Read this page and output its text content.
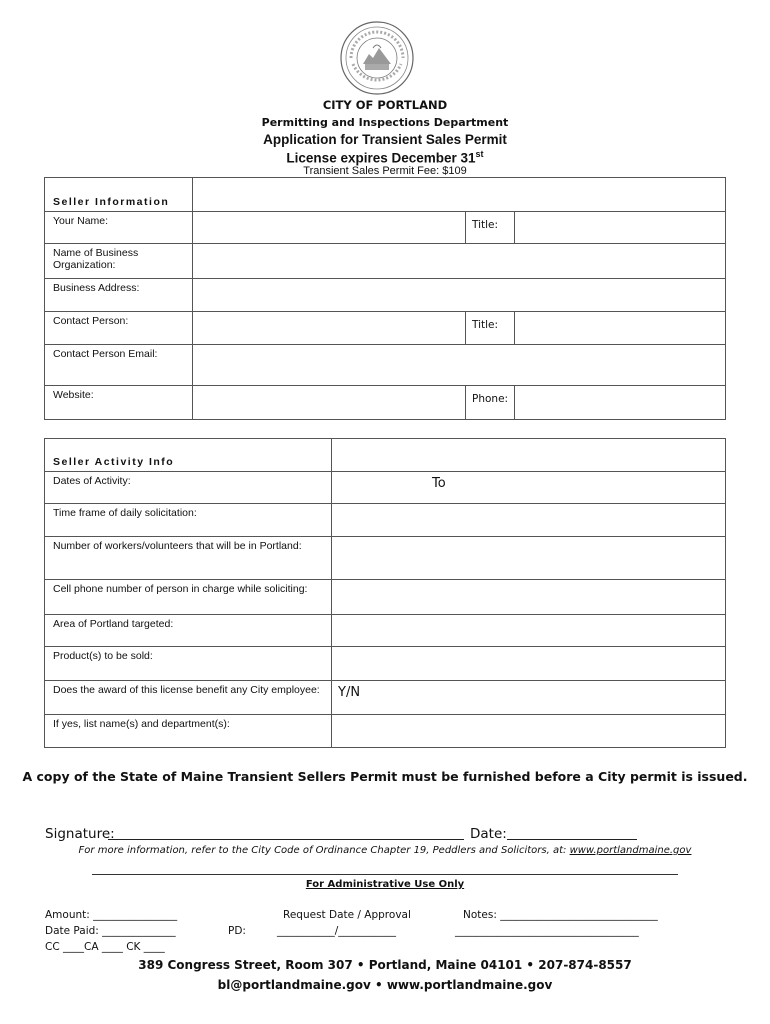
CITY OF PORTLAND
Permitting and Inspections Department
Application for Transient Sales Permit
License expires December 31st
Transient Sales Permit Fee: $109
Seller Information			
Your Name:		Title:	
Name of Business Organization:			
Business Address:			
Contact Person:		Title:	
Contact Person Email:			
Website:		Phone:	
Seller Activity Info	
Dates of Activity:	To
Time frame of daily solicitation:	
Number of workers/volunteers that will be in Portland:	
Cell phone number of person in charge while soliciting:	
Area of Portland targeted:	
Product(s) to be sold:	
Does the award of this license benefit any City employee:	Y/N
If yes, list name(s) and department(s):	
A copy of the State of Maine Transient Sellers Permit must be furnished before a City permit is issued.
Signature:	Date:
For more information, refer to the City Code of Ordinance Chapter 19, Peddlers and Solicitors, at: www.portlandmaine.gov
For Administrative Use Only
Amount: ________________	Request Date / Approval	Notes: ______________________________
Date Paid: ______________	PD:	___________/___________	___________________________________
CC ____CA ____ CK ____
389 Congress Street, Room 307 • Portland, Maine 04101 • 207-874-8557
bl@portlandmaine.gov • www.portlandmaine.gov
